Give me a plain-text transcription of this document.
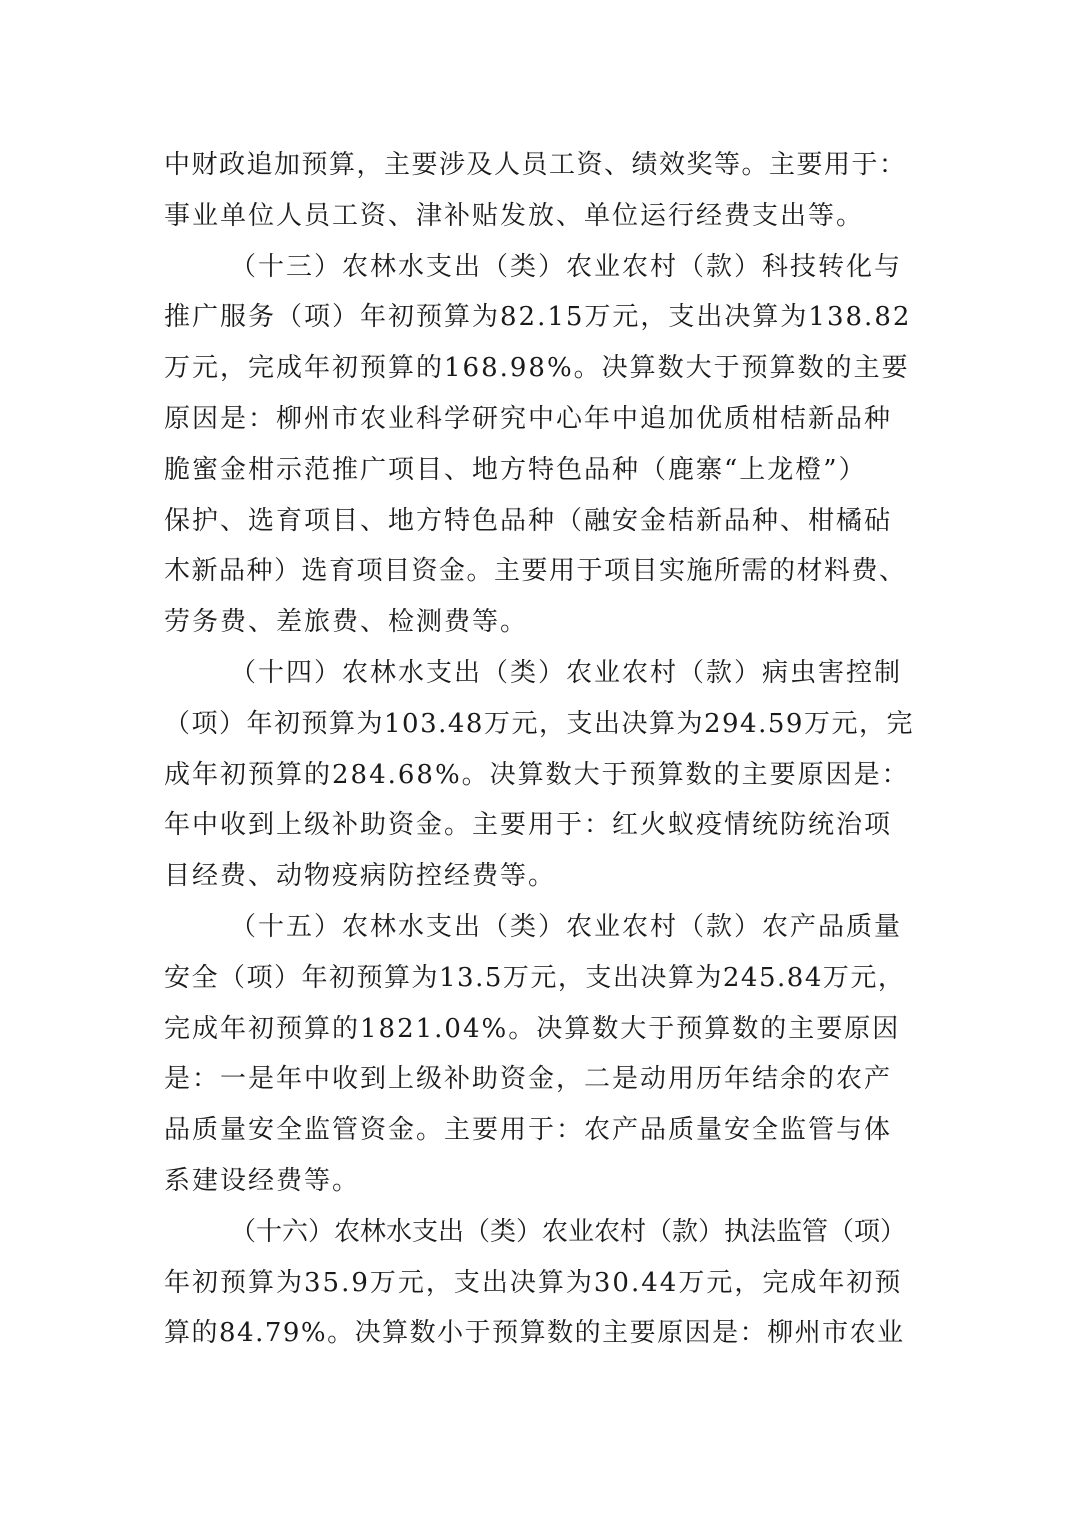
中财政追加预算，主要涉及人员工资、绩效奖等。主要用于：
事业单位人员工资、津补贴发放、单位运行经费支出等。
（十三）农林水支出（类）农业农村（款）科技转化与
推广服务（项）年初预算为82.15万元，支出决算为138.82
万元，完成年初预算的168.98%。决算数大于预算数的主要
原因是：柳州市农业科学研究中心年中追加优质柑桔新品种
脆蜜金柑示范推广项目、地方特色品种（鹿寨“上龙橙”）
保护、选育项目、地方特色品种（融安金桔新品种、柑橘砧
木新品种）选育项目资金。主要用于项目实施所需的材料费、
劳务费、差旅费、检测费等。
（十四）农林水支出（类）农业农村（款）病虫害控制
（项）年初预算为103.48万元，支出决算为294.59万元，完
成年初预算的284.68%。决算数大于预算数的主要原因是：
年中收到上级补助资金。主要用于：红火蚁疫情统防统治项
目经费、动物疫病防控经费等。
（十五）农林水支出（类）农业农村（款）农产品质量
安全（项）年初预算为13.5万元，支出决算为245.84万元，
完成年初预算的1821.04%。决算数大于预算数的主要原因
是：一是年中收到上级补助资金，二是动用历年结余的农产
品质量安全监管资金。主要用于：农产品质量安全监管与体
系建设经费等。
（十六）农林水支出（类）农业农村（款）执法监管（项）
年初预算为35.9万元，支出决算为30.44万元，完成年初预
算的84.79%。决算数小于预算数的主要原因是：柳州市农业
